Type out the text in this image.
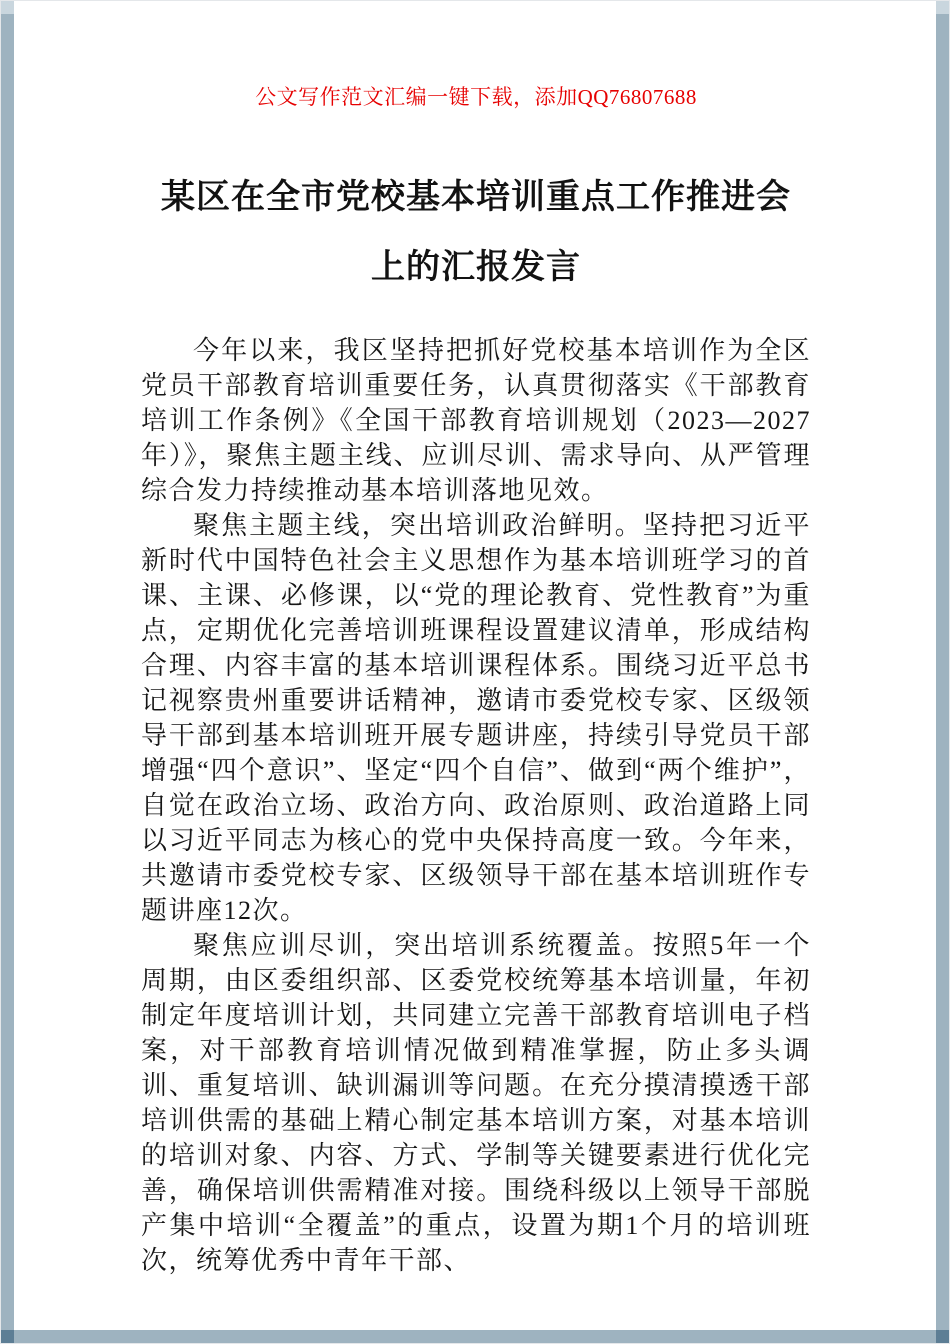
公文写作范文汇编一键下载，添加QQ76807688
某区在全市党校基本培训重点工作推进会
上的汇报发言

今年以来，我区坚持把抓好党校基本培训作为全区党员干部教育培训重要任务，认真贯彻落实《干部教育培训工作条例》《全国干部教育培训规划（2023—2027年）》，聚焦主题主线、应训尽训、需求导向、从严管理综合发力持续推动基本培训落地见效。

聚焦主题主线，突出培训政治鲜明。坚持把习近平新时代中国特色社会主义思想作为基本培训班学习的首课、主课、必修课，以“党的理论教育、党性教育”为重点，定期优化完善培训班课程设置建议清单，形成结构合理、内容丰富的基本培训课程体系。围绕习近平总书记视察贵州重要讲话精神，邀请市委党校专家、区级领导干部到基本培训班开展专题讲座，持续引导党员干部增强“四个意识”、坚定“四个自信”、做到“两个维护”，自觉在政治立场、政治方向、政治原则、政治道路上同以习近平同志为核心的党中央保持高度一致。今年来，共邀请市委党校专家、区级领导干部在基本培训班作专题讲座12次。

聚焦应训尽训，突出培训系统覆盖。按照5年一个周期，由区委组织部、区委党校统筹基本培训量，年初制定年度培训计划，共同建立完善干部教育培训电子档案，对干部教育培训情况做到精准掌握，防止多头调训、重复培训、缺训漏训等问题。在充分摸清摸透干部培训供需的基础上精心制定基本培训方案，对基本培训的培训对象、内容、方式、学制等关键要素进行优化完善，确保培训供需精准对接。围绕科级以上领导干部脱产集中培训“全覆盖”的重点，设置为期1个月的培训班次，统筹优秀中青年干部、
